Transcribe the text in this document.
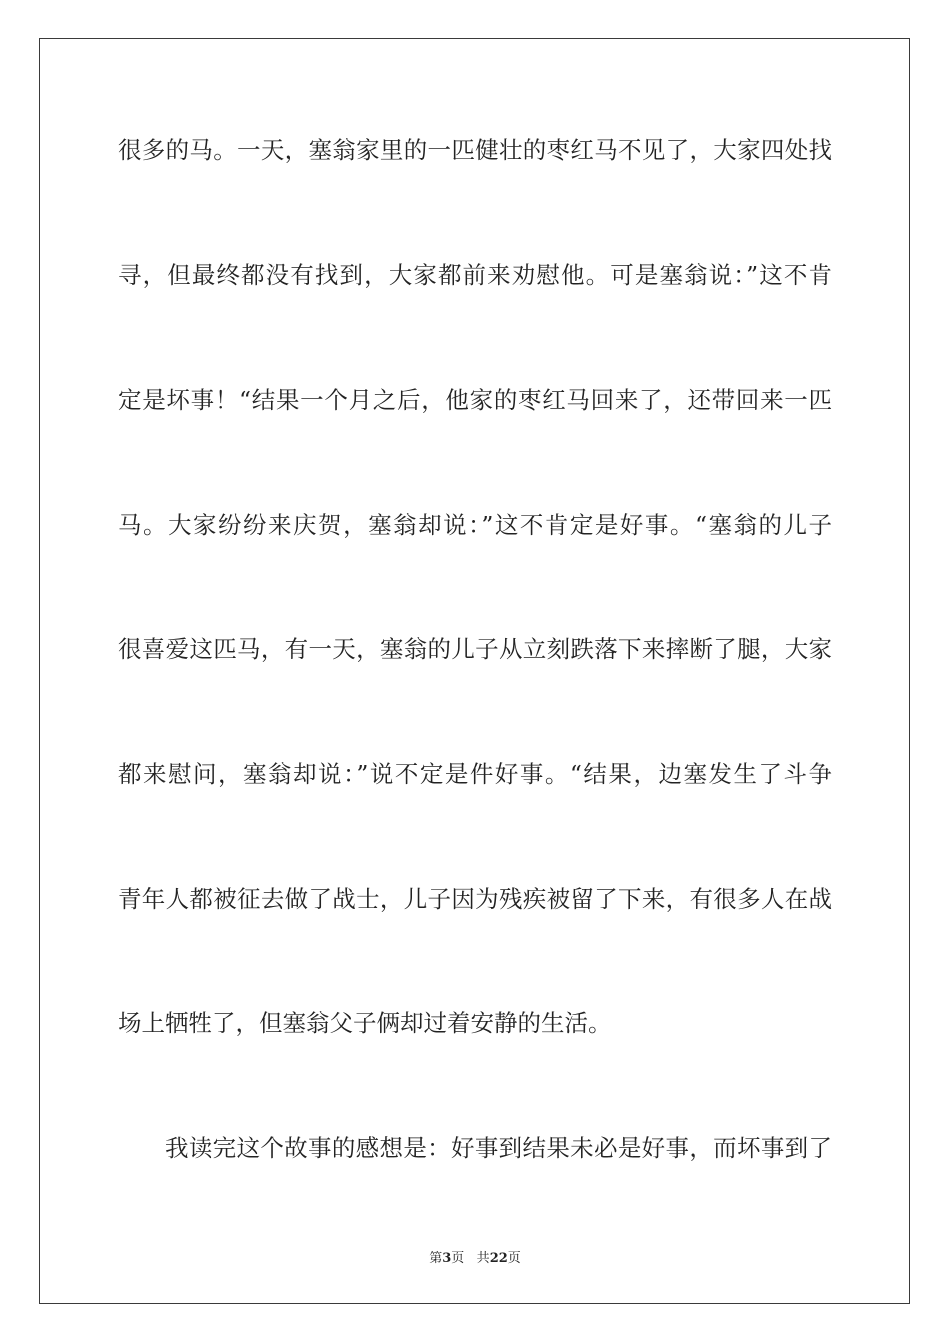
很多的马。一天，塞翁家里的一匹健壮的枣红马不见了，大家四处找
寻，但最终都没有找到，大家都前来劝慰他。可是塞翁说：”这不肯
定是坏事！“结果一个月之后，他家的枣红马回来了，还带回来一匹
马。大家纷纷来庆贺，塞翁却说：”这不肯定是好事。“塞翁的儿子
很喜爱这匹马，有一天，塞翁的儿子从立刻跌落下来摔断了腿，大家
都来慰问，塞翁却说：”说不定是件好事。“结果，边塞发生了斗争
青年人都被征去做了战士，儿子因为残疾被留了下来，有很多人在战
场上牺牲了，但塞翁父子俩却过着安静的生活。
我读完这个故事的感想是：好事到结果未必是好事，而坏事到了
第3页 共22页
